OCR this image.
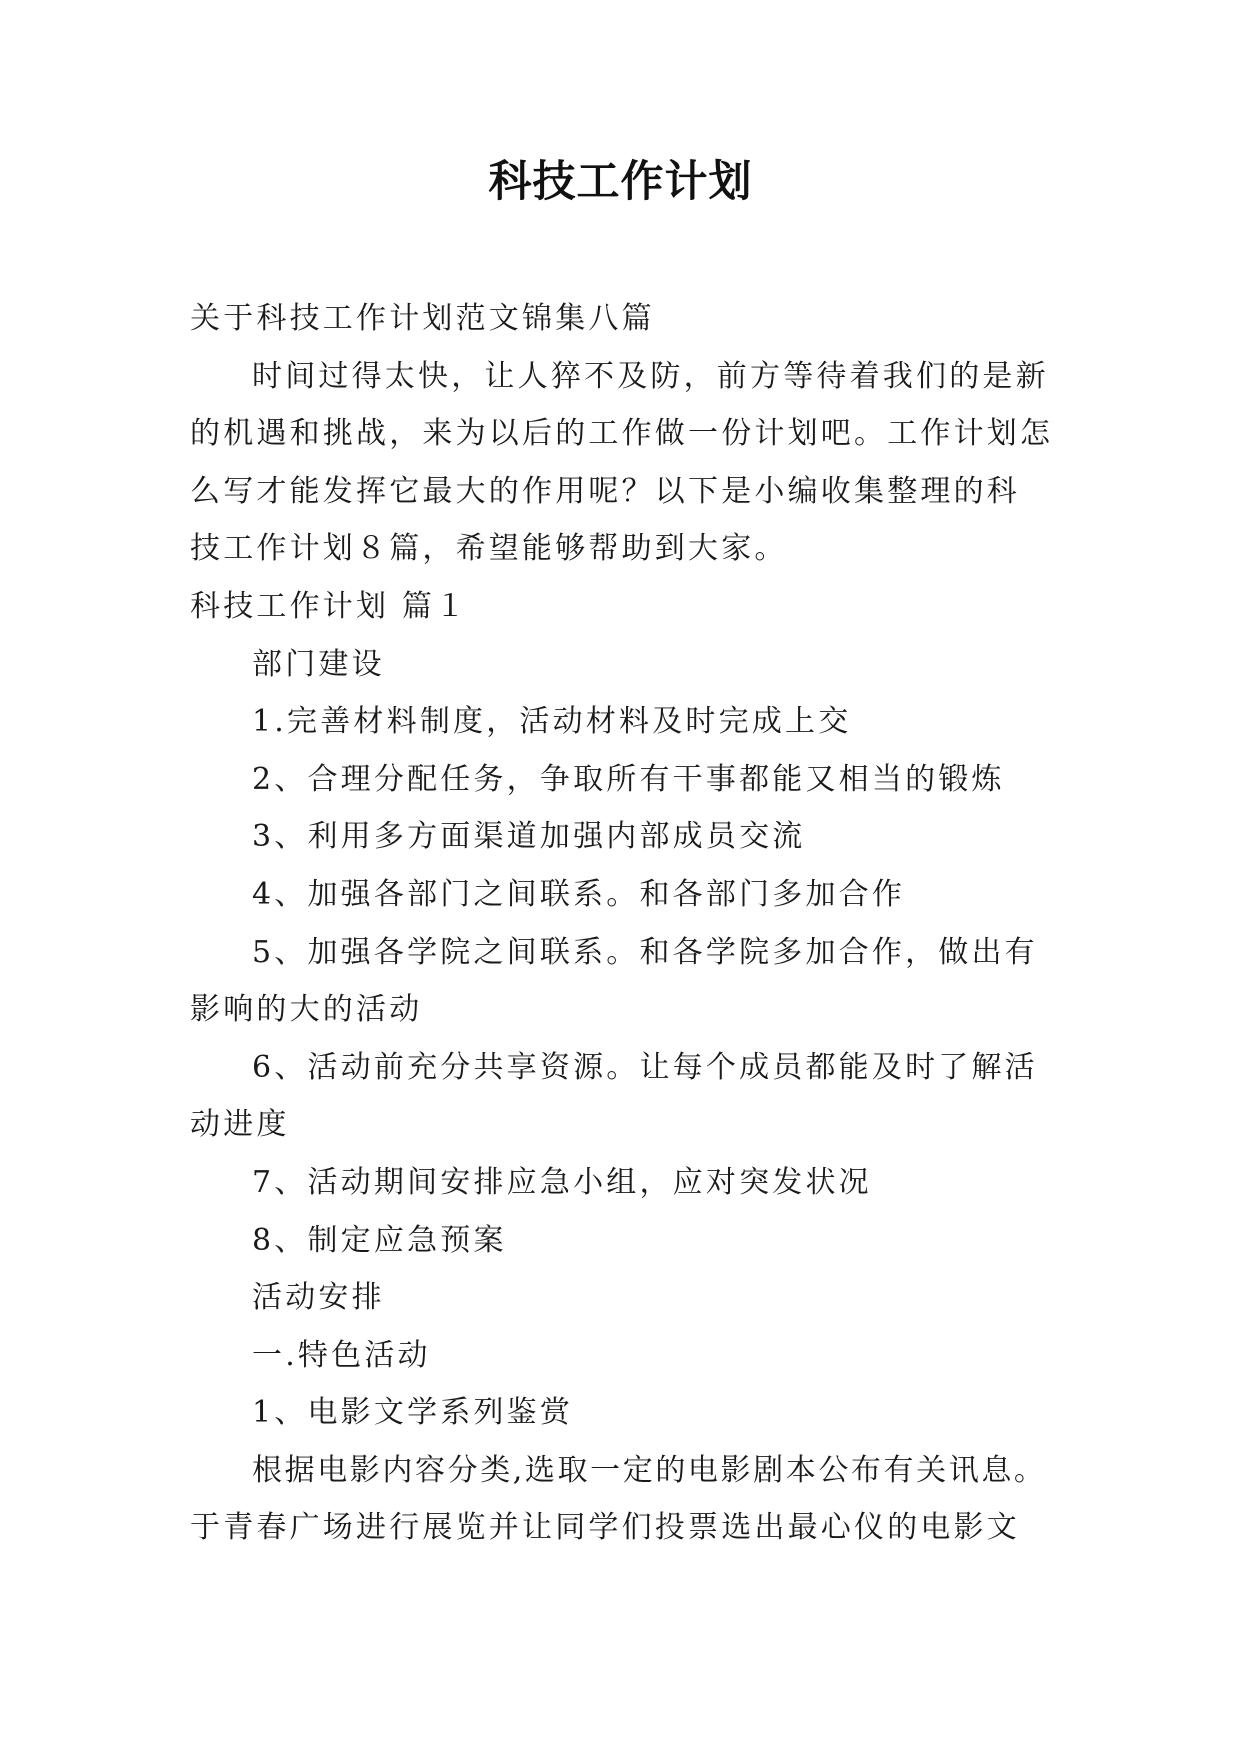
科技工作计划

关于科技工作计划范文锦集八篇

时间过得太快，让人猝不及防，前方等待着我们的是新

的机遇和挑战，来为以后的工作做一份计划吧。工作计划怎

么写才能发挥它最大的作用呢？以下是小编收集整理的科

技工作计划８篇，希望能够帮助到大家。

科技工作计划 篇１

部门建设

1.完善材料制度，活动材料及时完成上交

2、合理分配任务，争取所有干事都能又相当的锻炼

3、利用多方面渠道加强内部成员交流

4、加强各部门之间联系。和各部门多加合作

5、加强各学院之间联系。和各学院多加合作，做出有

影响的大的活动

6、活动前充分共享资源。让每个成员都能及时了解活

动进度

7、活动期间安排应急小组，应对突发状况

8、制定应急预案

活动安排

一.特色活动

1、电影文学系列鉴赏

根据电影内容分类,选取一定的电影剧本公布有关讯息。

于青春广场进行展览并让同学们投票选出最心仪的电影文
